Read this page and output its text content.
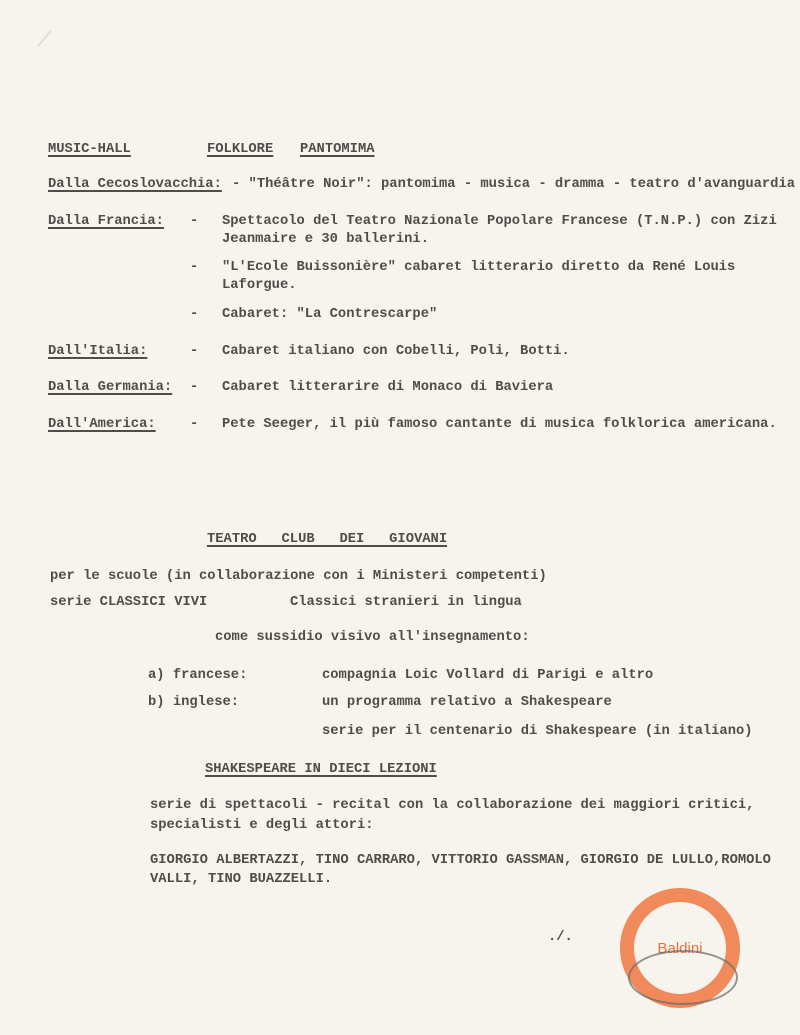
MUSIC-HALL	FOLKLORE PANTOMIMA
Dalla Cecoslovacchia: - "Théâtre Noir": pantomima - musica - dramma - teatro d'avanguardia
Dalla Francia: - Spettacolo del Teatro Nazionale Popolare Francese (T.N.P.) con Zizi
Jeanmaire e 30 ballerini.
- "L'Ecole Buissonière" cabaret litterario diretto da René Louis
Laforgue.
- Cabaret: "La Contrescarpe"
Dall'Italia:	- Cabaret italiano con Cobelli, Poli, Botti.
Dalla Germania: - Cabaret litterarire di Monaco di Baviera
Dall'America: - Pete Seeger, il più famoso cantante di musica folklorica americana.
TEATRO   CLUB   DEI   GIOVANI
per le scuole (in collaborazione con i Ministeri competenti)
serie CLASSICI VIVI	Classici stranieri in lingua
come sussidio visivo all'insegnamento:
a) francese:	compagnia Loic Vollard di Parigi e altro
b) inglese:	un programma relativo a Shakespeare
serie per il centenario di Shakespeare (in italiano)
SHAKESPEARE IN DIECI LEZIONI
serie di spettacoli - recital con la collaborazione dei maggiori critici,
specialisti e degli attori:
GIORGIO ALBERTAZZI, TINO CARRARO, VITTORIO GASSMAN, GIORGIO DE LULLO,ROMOLO
VALLI, TINO BUAZZELLI.
./.
Baldini
